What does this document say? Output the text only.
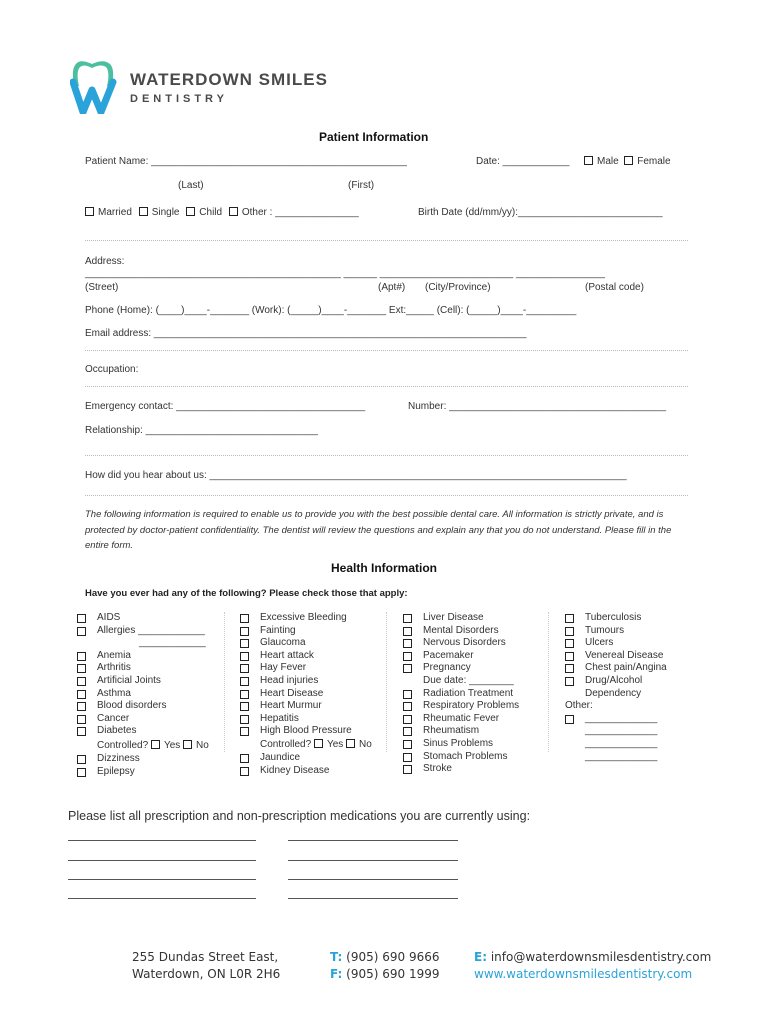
WATERDOWN SMILES
DENTISTRY
Patient Information
Patient Name: ______________________________________________	Date: ____________	Male Female
(Last)	(First)
Married Single Child Other : _______________	Birth Date (dd/mm/yy):__________________________
Address:
______________________________________________ ______ ________________________ ________________
(Street)	(Apt#) (City/Province)	(Postal code)
Phone (Home): (____)____-_______ (Work): (_____)____-_______ Ext:_____ (Cell): (_____)____-_________
Email address: ___________________________________________________________________
Occupation:
Emergency contact: __________________________________	Number: _______________________________________
Relationship: _______________________________
How did you hear about us: ___________________________________________________________________________
The following information is required to enable us to provide you with the best possible dental care. All information is strictly private, and is protected by doctor-patient confidentiality. The dentist will review the questions and explain any that you do not understand. Please fill in the entire form.
Health Information
Have you ever had any of the following? Please check those that apply:
AIDS
Allergies ____________
____________
Anemia
Arthritis
Artificial Joints
Asthma
Blood disorders
Cancer
Diabetes
Controlled? Yes No
Dizziness
Epilepsy
Excessive Bleeding
Fainting
Glaucoma
Heart attack
Hay Fever
Head injuries
Heart Disease
Heart Murmur
Hepatitis
High Blood Pressure
Controlled? Yes No
Jaundice
Kidney Disease
Liver Disease
Mental Disorders
Nervous Disorders
Pacemaker
Pregnancy
Due date: ________
Radiation Treatment
Respiratory Problems
Rheumatic Fever
Rheumatism
Sinus Problems
Stomach Problems
Stroke
Tuberculosis
Tumours
Ulcers
Venereal Disease
Chest pain/Angina
Drug/Alcohol
Dependency
Other:
_____________
_____________
_____________
_____________
Please list all prescription and non-prescription medications you are currently using:
255 Dundas Street East,
Waterdown, ON L0R 2H6
T: (905) 690 9666
F: (905) 690 1999
E: info@waterdownsmilesdentistry.com
www.waterdownsmilesdentistry.com
